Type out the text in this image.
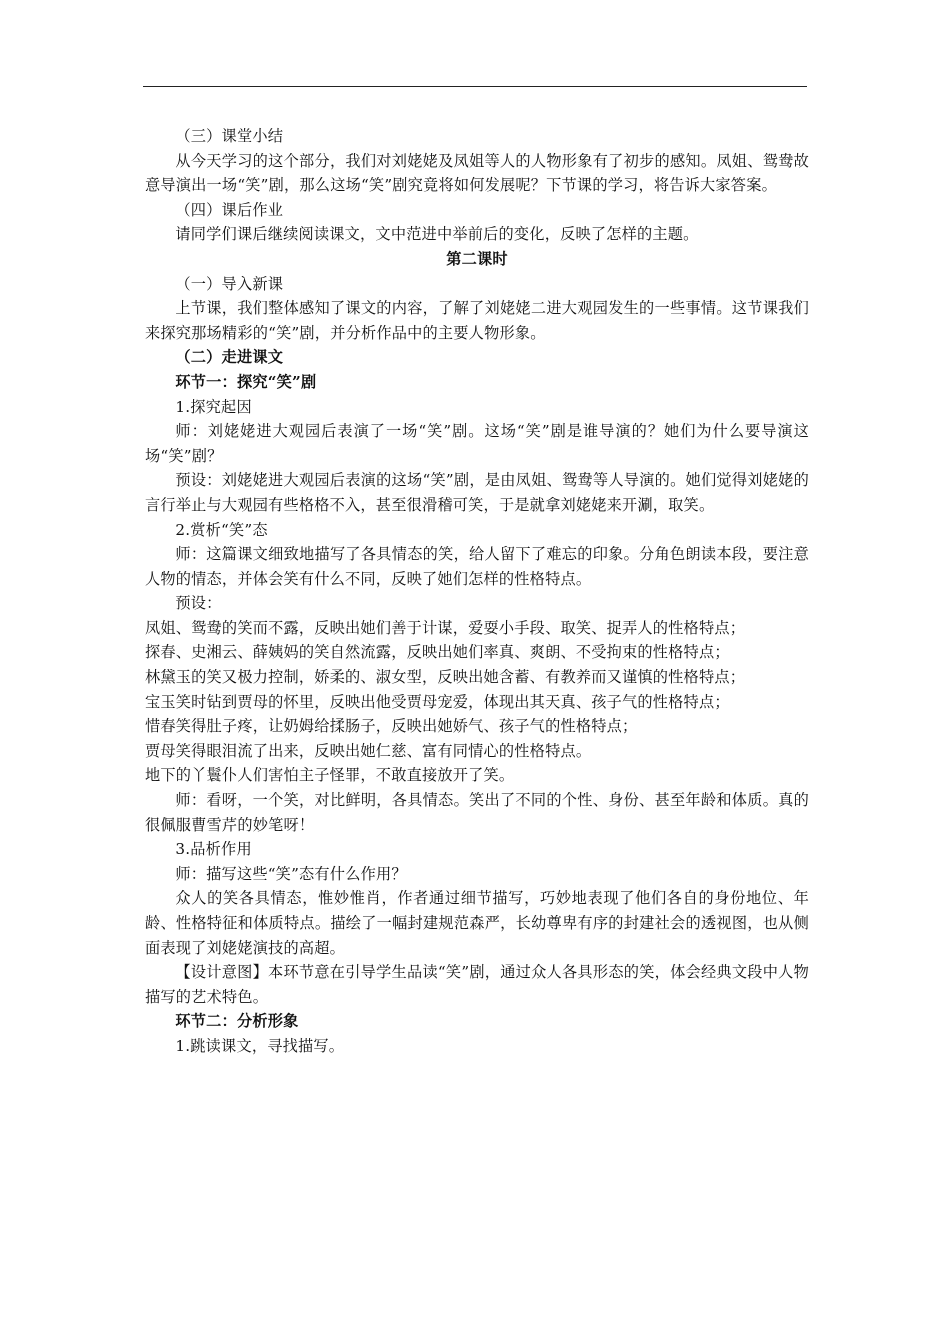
（三）课堂小结

从今天学习的这个部分，我们对刘姥姥及凤姐等人的人物形象有了初步的感知。凤姐、鸳鸯故意导演出一场“笑”剧，那么这场“笑”剧究竟将如何发展呢？下节课的学习，将告诉大家答案。

（四）课后作业

请同学们课后继续阅读课文，文中范进中举前后的变化，反映了怎样的主题。

第二课时

（一）导入新课

上节课，我们整体感知了课文的内容，了解了刘姥姥二进大观园发生的一些事情。这节课我们来探究那场精彩的“笑”剧，并分析作品中的主要人物形象。

（二）走进课文

环节一：探究“笑”剧

1.探究起因

师：刘姥姥进大观园后表演了一场“笑”剧。这场“笑”剧是谁导演的？她们为什么要导演这场“笑”剧？

预设：刘姥姥进大观园后表演的这场“笑”剧，是由凤姐、鸳鸯等人导演的。她们觉得刘姥姥的言行举止与大观园有些格格不入，甚至很滑稽可笑，于是就拿刘姥姥来开涮，取笑。

2.赏析“笑”态

师：这篇课文细致地描写了各具情态的笑，给人留下了难忘的印象。分角色朗读本段，要注意人物的情态，并体会笑有什么不同，反映了她们怎样的性格特点。

预设：

凤姐、鸳鸯的笑而不露，反映出她们善于计谋，爱耍小手段、取笑、捉弄人的性格特点；

探春、史湘云、薛姨妈的笑自然流露，反映出她们率真、爽朗、不受拘束的性格特点；

林黛玉的笑又极力控制，娇柔的、淑女型，反映出她含蓄、有教养而又谨慎的性格特点；

宝玉笑时钻到贾母的怀里，反映出他受贾母宠爱，体现出其天真、孩子气的性格特点；

惜春笑得肚子疼，让奶姆给揉肠子，反映出她娇气、孩子气的性格特点；

贾母笑得眼泪流了出来，反映出她仁慈、富有同情心的性格特点。

地下的丫鬟仆人们害怕主子怪罪，不敢直接放开了笑。

师：看呀，一个笑，对比鲜明，各具情态。笑出了不同的个性、身份、甚至年龄和体质。真的很佩服曹雪芹的妙笔呀！

3.品析作用

师：描写这些“笑”态有什么作用？

众人的笑各具情态，惟妙惟肖，作者通过细节描写，巧妙地表现了他们各自的身份地位、年龄、性格特征和体质特点。描绘了一幅封建规范森严，长幼尊卑有序的封建社会的透视图，也从侧面表现了刘姥姥演技的高超。

【设计意图】本环节意在引导学生品读“笑”剧，通过众人各具形态的笑，体会经典文段中人物描写的艺术特色。

环节二：分析形象

1.跳读课文，寻找描写。
